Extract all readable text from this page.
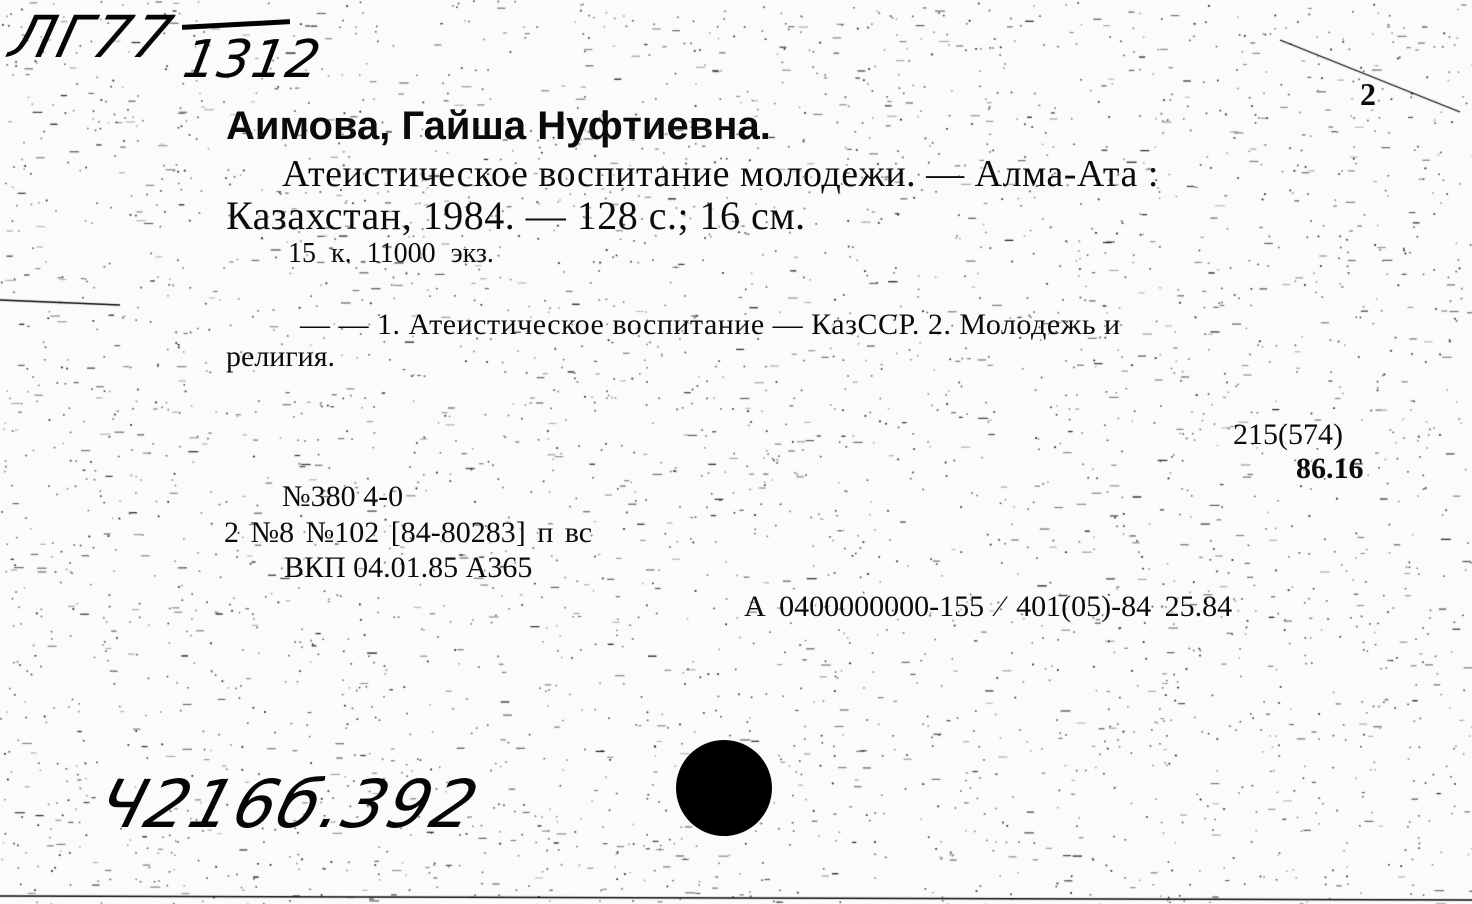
ЛГ77
1312
2
Аимова, Гайша Нуфтиевна.
Атеистическое воспитание молодежи. — Алма-Ата :
Казахстан, 1984. — 128 с.; 16 см.
15 к. 11000 экз.
— — 1. Атеистическое воспитание — КазССР. 2. Молодежь и
религия.
215(574)
86.16
№380 4-0
2 №8 №102 [84-80283] п вс
ВКП 04.01.85 А365
А 0400000000-155 ⁄ 401(05)-84 25.84
Ч216б.392
